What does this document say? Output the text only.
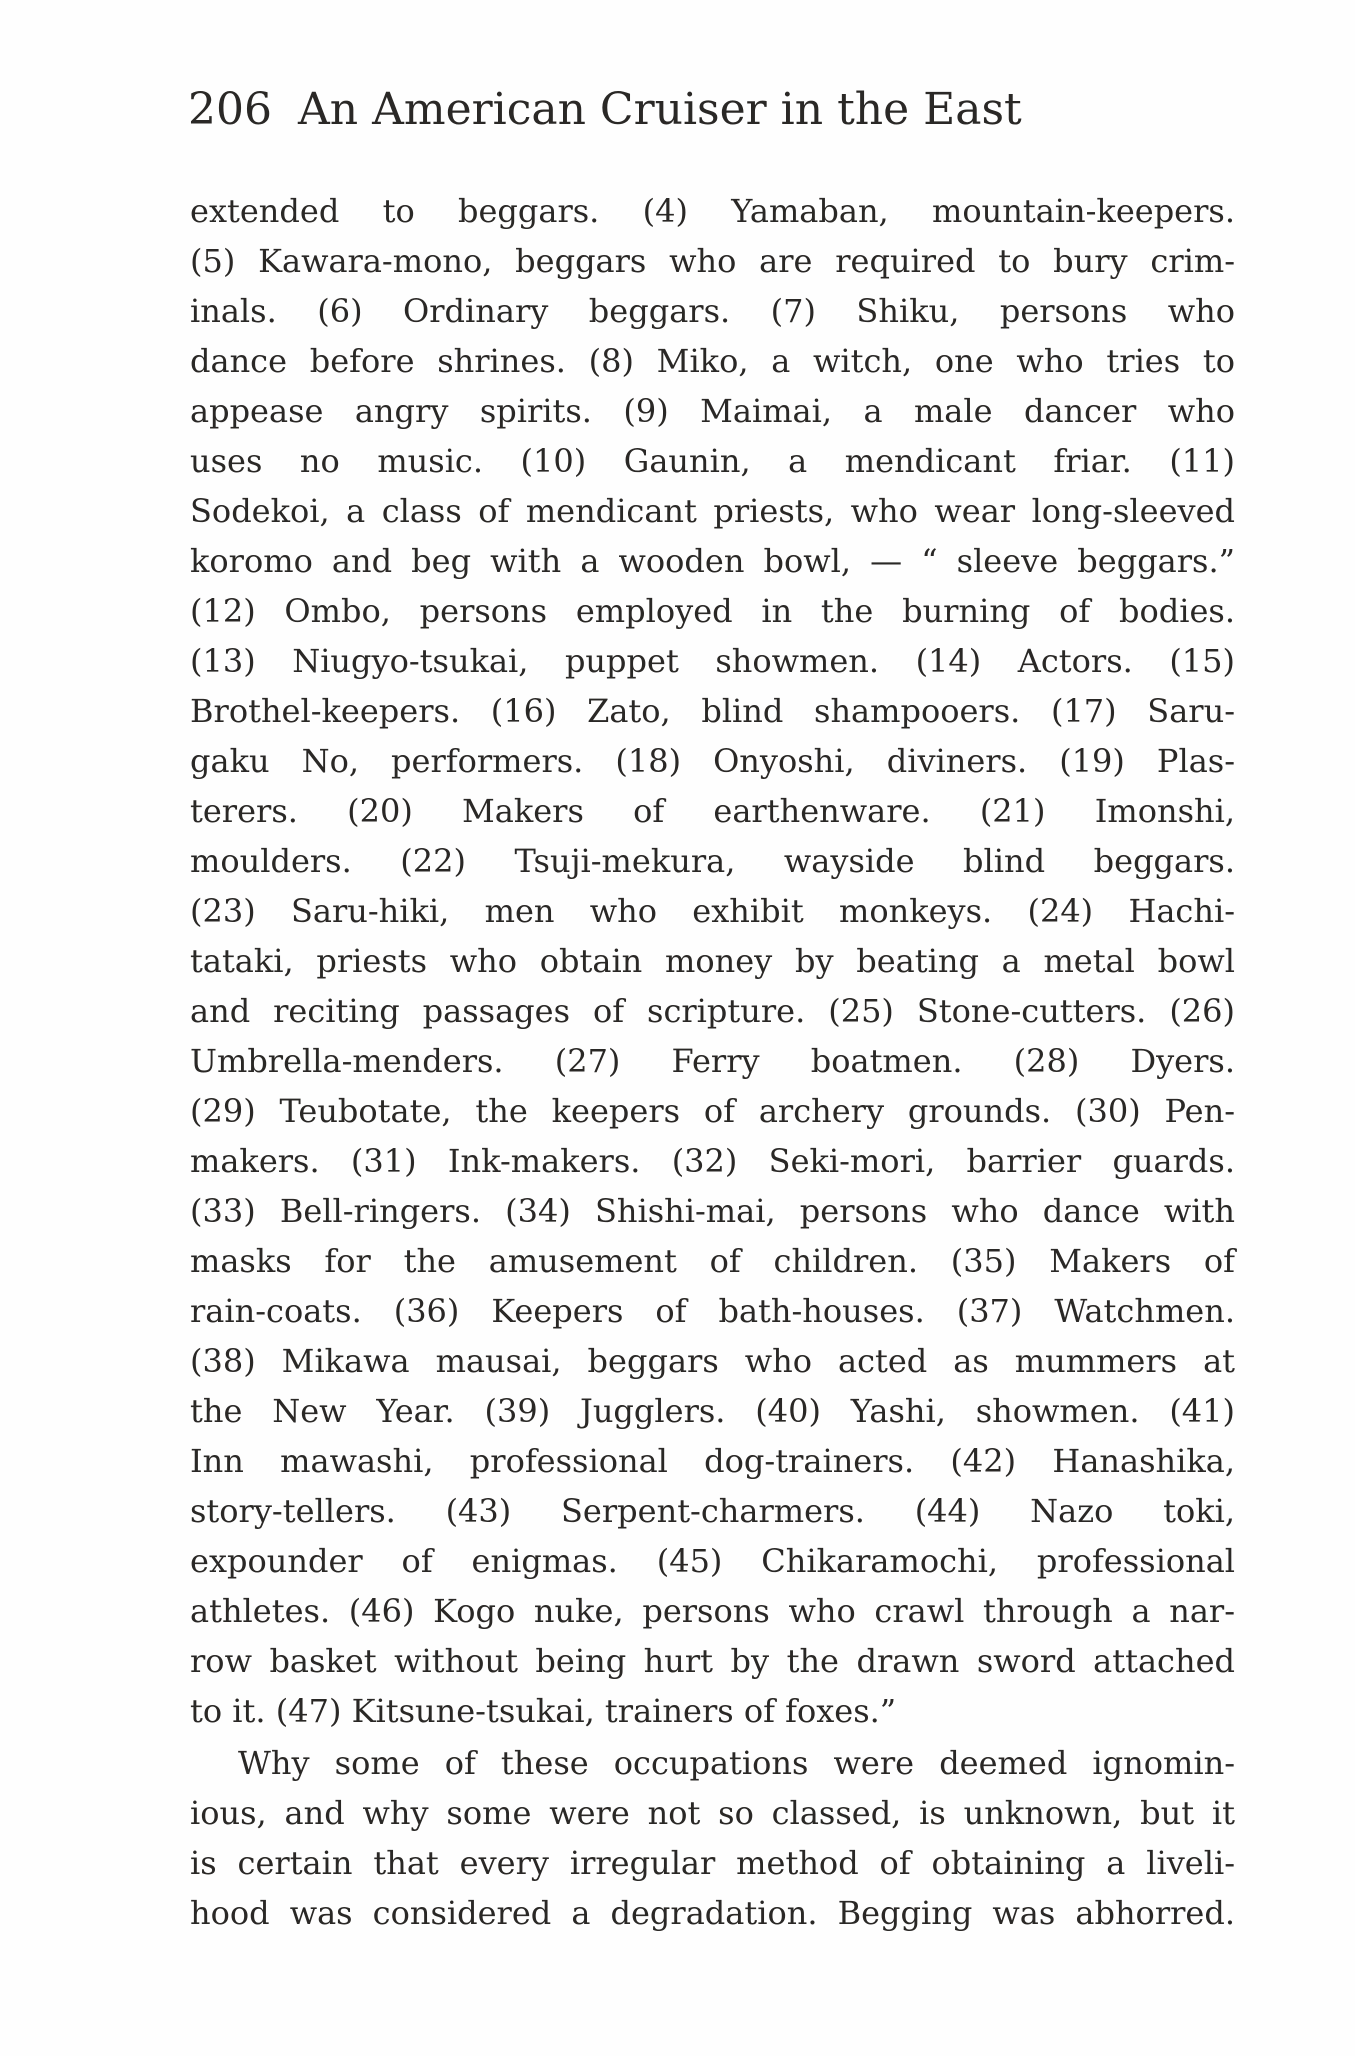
206 An American Cruiser in the East
extended to beggars. (4) Yamaban, mountain-keepers.
(5) Kawara-mono, beggars who are required to bury crim-
inals. (6) Ordinary beggars. (7) Shiku, persons who
dance before shrines. (8) Miko, a witch, one who tries to
appease angry spirits. (9) Maimai, a male dancer who
uses no music. (10) Gaunin, a mendicant friar. (11)
Sodekoi, a class of mendicant priests, who wear long-sleeved
koromo and beg with a wooden bowl, — “ sleeve beggars.”
(12) Ombo, persons employed in the burning of bodies.
(13) Niugyo-tsukai, puppet showmen. (14) Actors. (15)
Brothel-keepers. (16) Zato, blind shampooers. (17) Saru-
gaku No, performers. (18) Onyoshi, diviners. (19) Plas-
terers. (20) Makers of earthenware. (21) Imonshi,
moulders. (22) Tsuji-mekura, wayside blind beggars.
(23) Saru-hiki, men who exhibit monkeys. (24) Hachi-
tataki, priests who obtain money by beating a metal bowl
and reciting passages of scripture. (25) Stone-cutters. (26)
Umbrella-menders. (27) Ferry boatmen. (28) Dyers.
(29) Teubotate, the keepers of archery grounds. (30) Pen-
makers. (31) Ink-makers. (32) Seki-mori, barrier guards.
(33) Bell-ringers. (34) Shishi-mai, persons who dance with
masks for the amusement of children. (35) Makers of
rain-coats. (36) Keepers of bath-houses. (37) Watchmen.
(38) Mikawa mausai, beggars who acted as mummers at
the New Year. (39) Jugglers. (40) Yashi, showmen. (41)
Inn mawashi, professional dog-trainers. (42) Hanashika,
story-tellers. (43) Serpent-charmers. (44) Nazo toki,
expounder of enigmas. (45) Chikaramochi, professional
athletes. (46) Kogo nuke, persons who crawl through a nar-
row basket without being hurt by the drawn sword attached
to it. (47) Kitsune-tsukai, trainers of foxes.”
Why some of these occupations were deemed ignomin-
ious, and why some were not so classed, is unknown, but it
is certain that every irregular method of obtaining a liveli-
hood was considered a degradation. Begging was abhorred.
